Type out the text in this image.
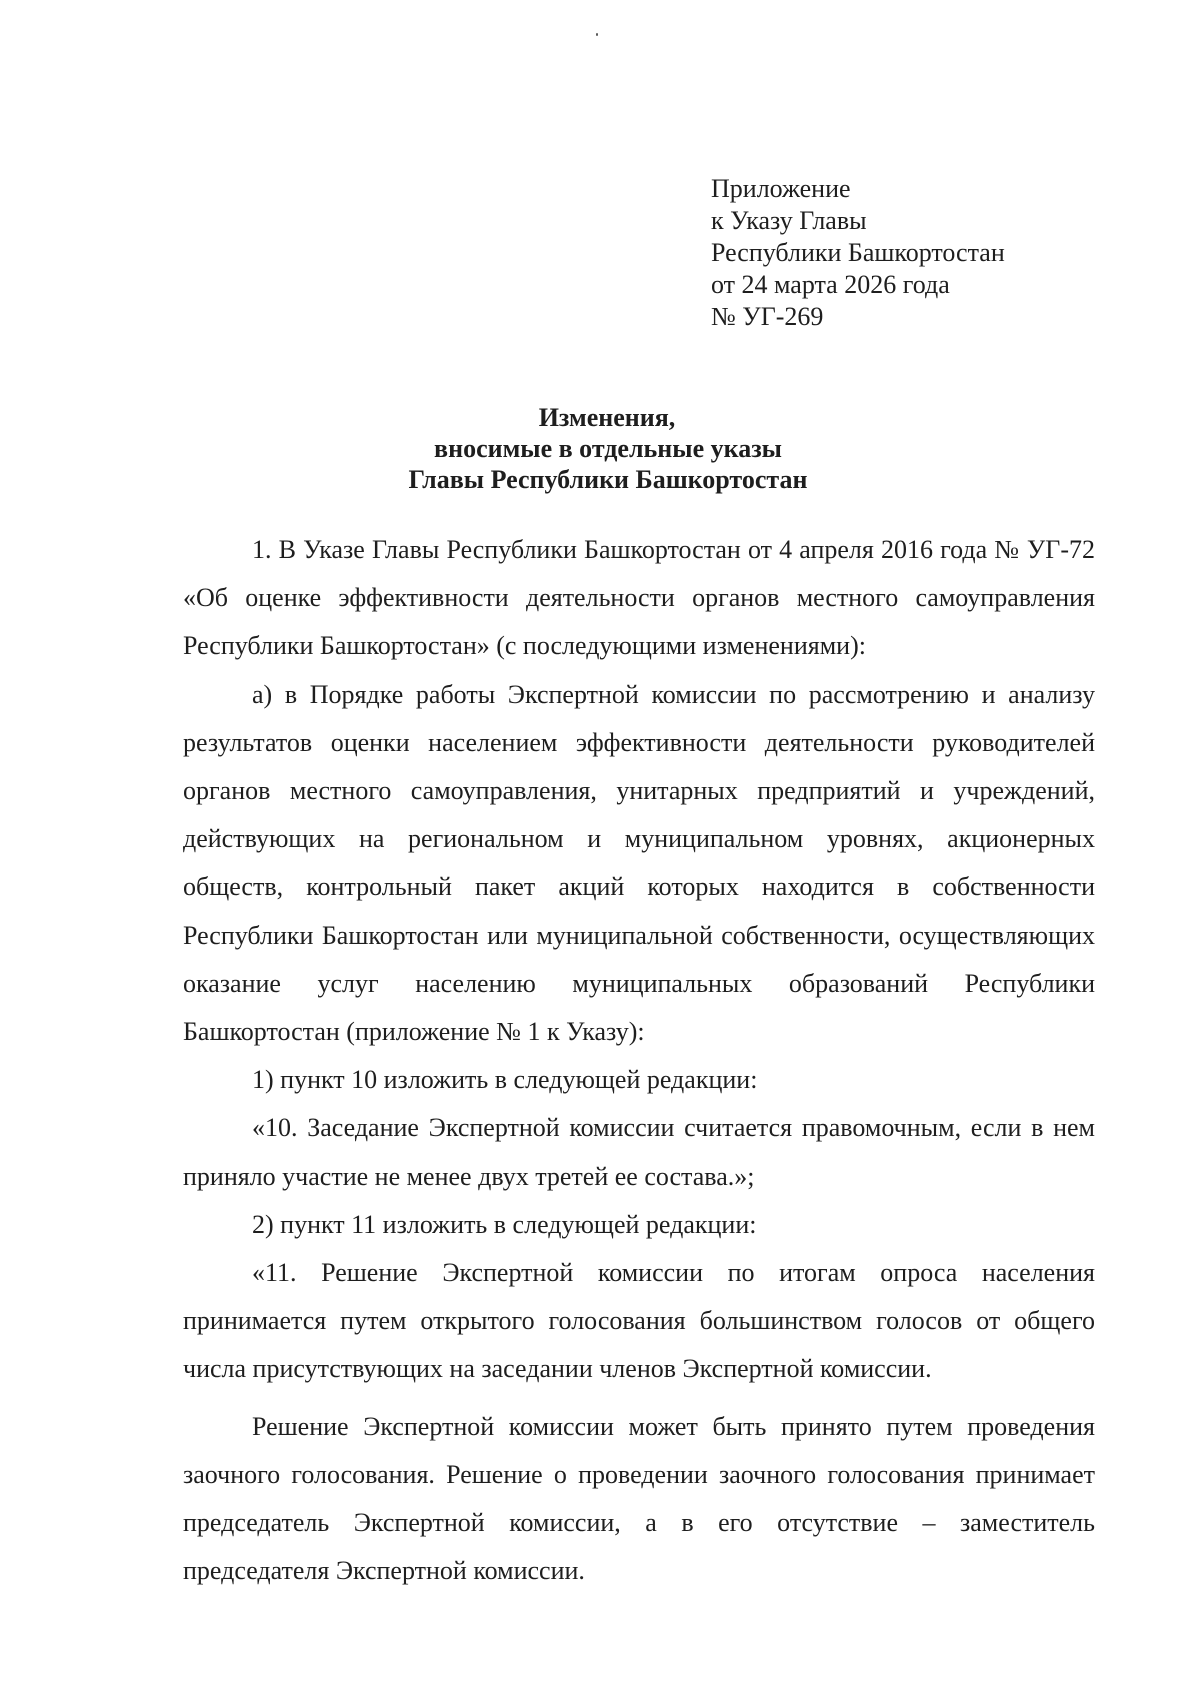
Приложение
к Указу Главы
Республики Башкортостан
от 24 марта 2026 года
№ УГ-269
Изменения,
вносимые в отдельные указы
Главы Республики Башкортостан

1. В Указе Главы Республики Башкортостан от 4 апреля 2016 года № УГ-72 «Об оценке эффективности деятельности органов местного самоуправления Республики Башкортостан» (с последующими изменениями):

а) в Порядке работы Экспертной комиссии по рассмотрению и анализу результатов оценки населением эффективности деятельности руководителей органов местного самоуправления, унитарных предприятий и учреждений, действующих на региональном и муниципальном уровнях, акционерных обществ, контрольный пакет акций которых находится в собственности Республики Башкортостан или муниципальной собственности, осуществляющих оказание услуг населению муниципальных образований Республики Башкортостан (приложение № 1 к Указу):

1) пункт 10 изложить в следующей редакции:

«10. Заседание Экспертной комиссии считается правомочным, если в нем приняло участие не менее двух третей ее состава.»;

2) пункт 11 изложить в следующей редакции:

«11. Решение Экспертной комиссии по итогам опроса населения принимается путем открытого голосования большинством голосов от общего числа присутствующих на заседании членов Экспертной комиссии.

Решение Экспертной комиссии может быть принято путем проведения заочного голосования. Решение о проведении заочного голосования принимает председатель Экспертной комиссии, а в его отсутствие – заместитель председателя Экспертной комиссии.
